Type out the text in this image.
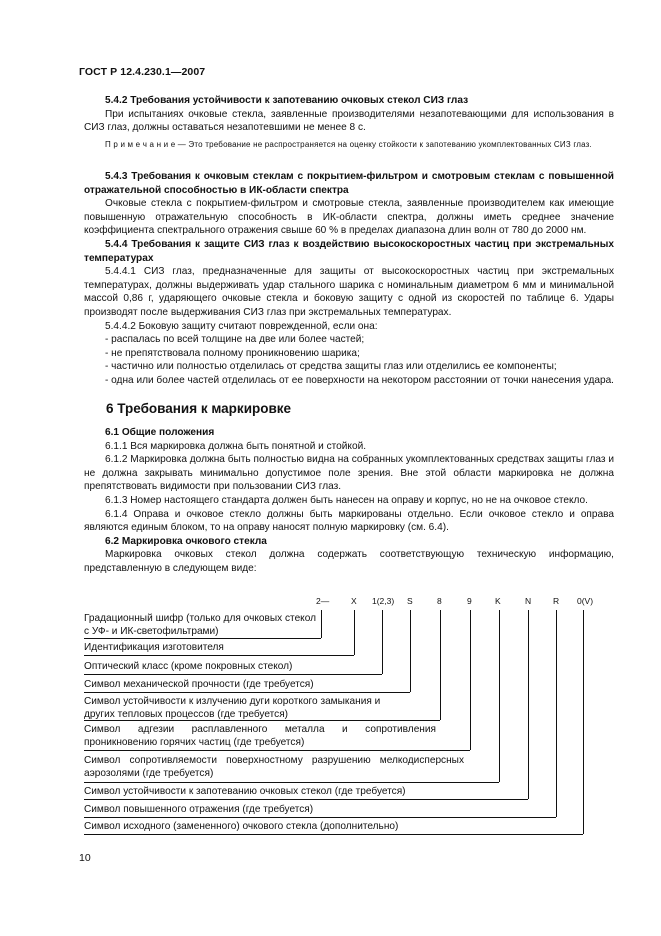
ГОСТ Р 12.4.230.1—2007

5.4.2 Требования устойчивости к запотеванию очковых стекол СИЗ глаз

При испытаниях очковые стекла, заявленные производителями незапотевающими для использования в СИЗ глаз, должны оставаться незапотевшими не менее 8 с.

П р и м е ч а н и е — Это требование не распространяется на оценку стойкости к запотеванию укомплектованных СИЗ глаз.

5.4.3 Требования к очковым стеклам с покрытием-фильтром и смотровым стеклам с повышенной отражательной способностью в ИК-области спектра

Очковые стекла с покрытием-фильтром и смотровые стекла, заявленные производителем как имеющие повышенную отражательную способность в ИК-области спектра, должны иметь среднее значение коэффициента спектрального отражения свыше 60 % в пределах диапазона длин волн от 780 до 2000 нм.

5.4.4 Требования к защите СИЗ глаз к воздействию высокоскоростных частиц при экстремальных температурах

5.4.4.1 СИЗ глаз, предназначенные для защиты от высокоскоростных частиц при экстремальных температурах, должны выдерживать удар стального шарика с номинальным диаметром 6 мм и минимальной массой 0,86 г, ударяющего очковые стекла и боковую защиту с одной из скоростей по таблице 6. Удары производят после выдерживания СИЗ глаз при экстремальных температурах.

5.4.4.2 Боковую защиту считают поврежденной, если она:

- распалась по всей толщине на две или более частей;

- не препятствовала полному проникновению шарика;

- частично или полностью отделилась от средства защиты глаз или отделились ее компоненты;

- одна или более частей отделилась от ее поверхности на некотором расстоянии от точки нанесения удара.

6 Требования к маркировке

6.1 Общие положения

6.1.1 Вся маркировка должна быть понятной и стойкой.

6.1.2 Маркировка должна быть полностью видна на собранных укомплектованных средствах защиты глаз и не должна закрывать минимально допустимое поле зрения. Вне этой области маркировка не должна препятствовать видимости при пользовании СИЗ глаз.

6.1.3 Номер настоящего стандарта должен быть нанесен на оправу и корпус, но не на очковое стекло.

6.1.4 Оправа и очковое стекло должны быть маркированы отдельно. Если очковое стекло и оправа являются единым блоком, то на оправу наносят полную маркировку (см. 6.4).

6.2 Маркировка очкового стекла

Маркировка очковых стекол должна содержать соответствующую техническую информацию, представленную в следующем виде:

2—	X 1(2,3) S	8	9	K	N	R 0(V)
Градационный шифр (только для очковых стекол с УФ- и ИК-светофильтрами)
Идентификация изготовителя
Оптический класс (кроме покровных стекол)
Символ механической прочности (где требуется)
Символ устойчивости к излучению дуги короткого замыкания и других тепловых процессов (где требуется)
Символ адгезии расплавленного металла и сопротивления проникновению горячих частиц (где требуется)
Символ сопротивляемости поверхностному разрушению мелкодисперсных аэрозолями (где требуется)
Символ устойчивости к запотеванию очковых стекол (где требуется)
Символ повышенного отражения (где требуется)
Символ исходного (замененного) очкового стекла (дополнительно)
10
